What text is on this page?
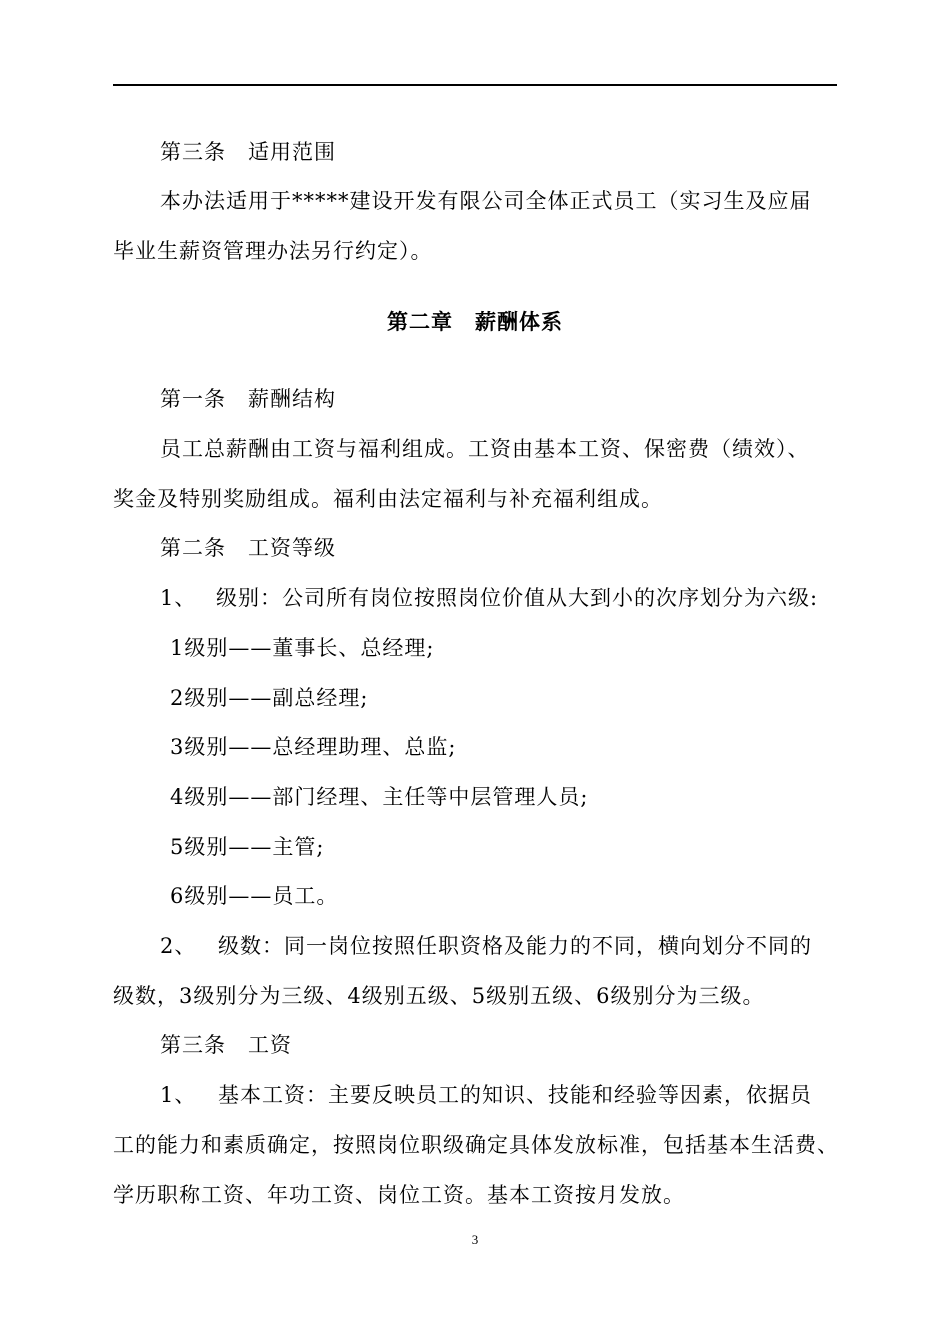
第三条　适用范围
本办法适用于*****建设开发有限公司全体正式员工（实习生及应届
毕业生薪资管理办法另行约定）。
第二章　薪酬体系
第一条　薪酬结构
员工总薪酬由工资与福利组成。工资由基本工资、保密费（绩效）、
奖金及特别奖励组成。福利由法定福利与补充福利组成。
第二条　工资等级
1、 级别：公司所有岗位按照岗位价值从大到小的次序划分为六级:
1级别——董事长、总经理;
2级别——副总经理;
3级别——总经理助理、总监;
4级别——部门经理、主任等中层管理人员;
5级别——主管;
6级别——员工。
2、 级数：同一岗位按照任职资格及能力的不同，横向划分不同的
级数，3级别分为三级、4级别五级、5级别五级、6级别分为三级。
第三条　工资
1、 基本工资：主要反映员工的知识、技能和经验等因素，依据员
工的能力和素质确定，按照岗位职级确定具体发放标准，包括基本生活费、
学历职称工资、年功工资、岗位工资。基本工资按月发放。
3
